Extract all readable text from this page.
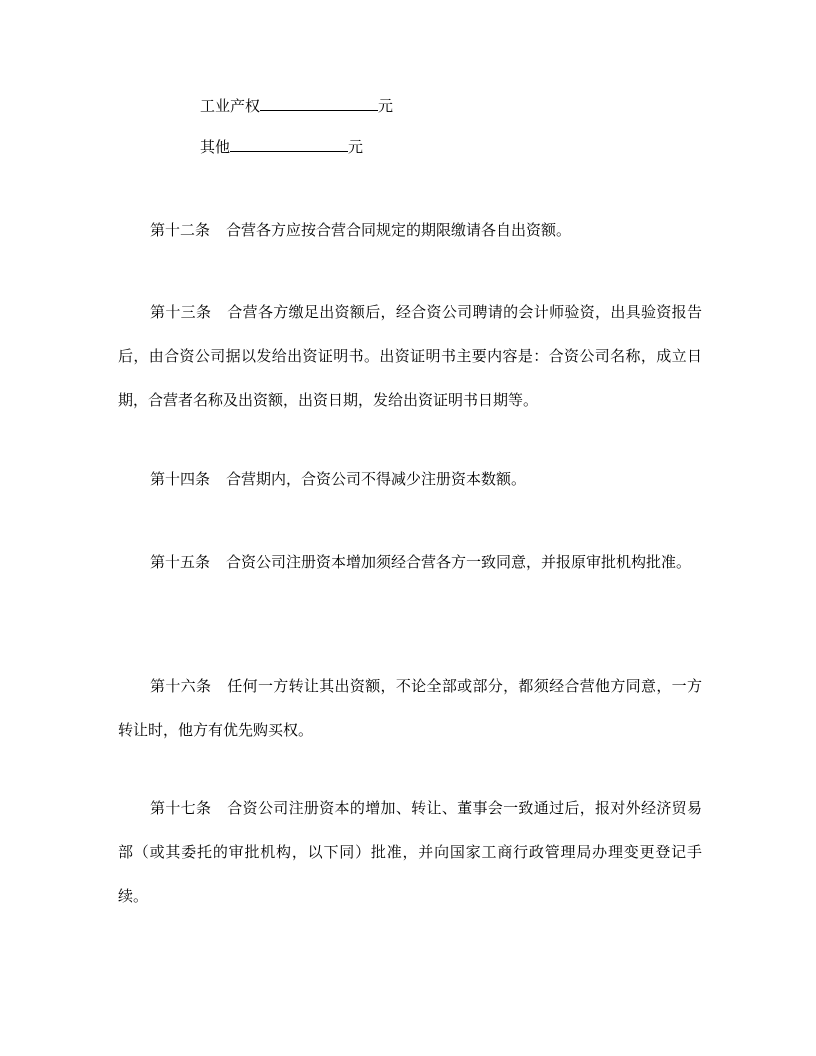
工业产权	元
其他	元

第十二条 合营各方应按合营合同规定的期限缴请各自出资额。

第十三条 合营各方缴足出资额后，经合资公司聘请的会计师验资，出具验资报告后，由合资公司据以发给出资证明书。出资证明书主要内容是：合资公司名称，成立日期，合营者名称及出资额，出资日期，发给出资证明书日期等。

第十四条 合营期内，合资公司不得减少注册资本数额。

第十五条 合资公司注册资本增加须经合营各方一致同意，并报原审批机构批准。

第十六条 任何一方转让其出资额，不论全部或部分，都须经合营他方同意，一方转让时，他方有优先购买权。

第十七条 合资公司注册资本的增加、转让、董事会一致通过后，报对外经济贸易部（或其委托的审批机构，以下同）批准，并向国家工商行政管理局办理变更登记手续。
